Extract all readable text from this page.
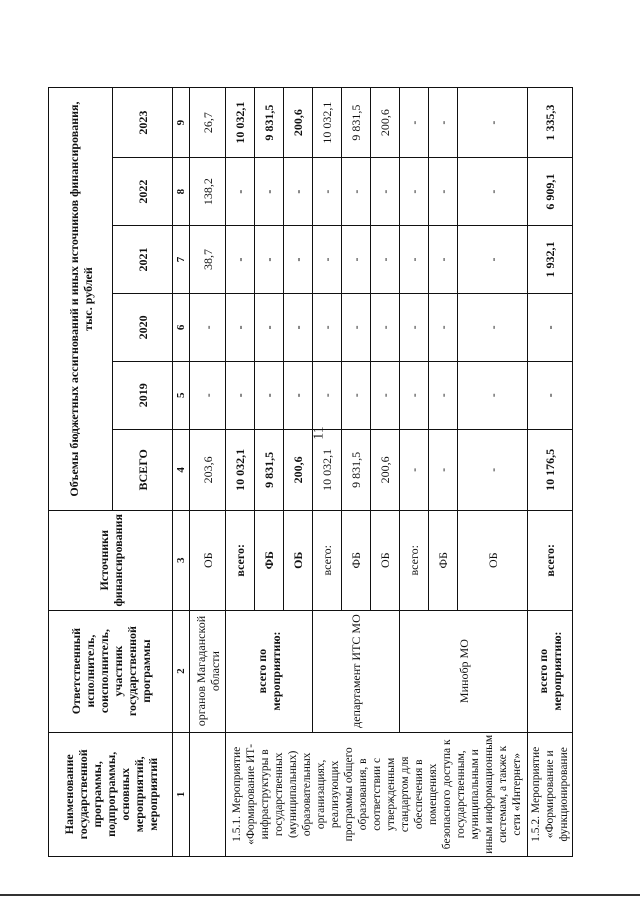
11
Наименование государственной программы, подпрограммы, основных мероприятий, мероприятий	Ответственный исполнитель, соисполнитель, участник государственной программы	Источники финансирования	Объемы бюджетных ассигнований и иных источников финансирования, тыс. рублей					
			ВСЕГО	2019	2020	2021	2022	2023
1	2	3	4	5	6	7	8	9
	органов Магаданской области	ОБ	203,6	-	-	38,7	138,2	26,7
1.5.1. Мероприятие «Формирование ИТ-инфраструктуры в государственных (муниципальных) образовательных организациях, реализующих программы общего образования, в соответствии с утвержденным стандартом для обеспечения в помещениях безопасного доступа к государственным, муниципальным и иным информационным системам, а также к сети «Интернет»	всего по мероприятию:	всего:	10 032,1	-	-	-	-	10 032,1
		ФБ	9 831,5	-	-	-	-	9 831,5
		ОБ	200,6	-	-	-	-	200,6
	департамент ИТС МО	всего:	10 032,1	-	-	-	-	10 032,1
		ФБ	9 831,5	-	-	-	-	9 831,5
		ОБ	200,6	-	-	-	-	200,6
	Минобр МО	всего:	-	-	-	-	-	-
		ФБ	-	-	-	-	-	-
		ОБ	-	-	-	-	-	-
1.5.2. Мероприятие «Формирование и функционирование	всего по мероприятию:	всего:	10 176,5	-	-	1 932,1	6 909,1	1 335,3
